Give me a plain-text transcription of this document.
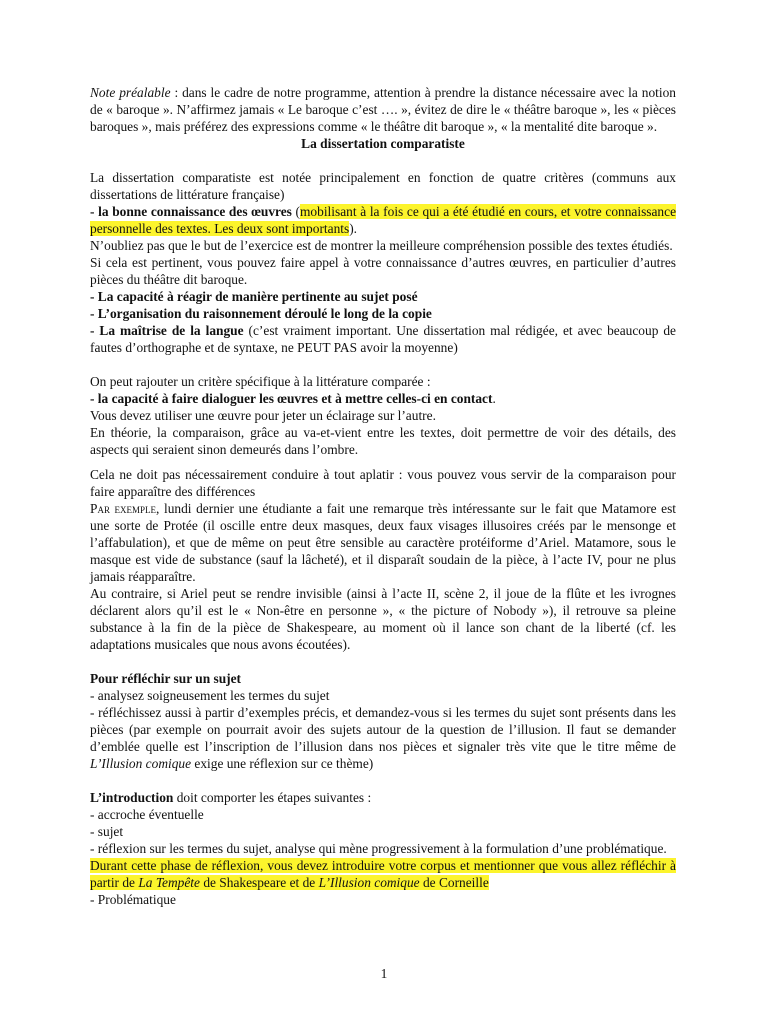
Note préalable : dans le cadre de notre programme, attention à prendre la distance nécessaire avec la notion de « baroque ». N’affirmez jamais « Le baroque c’est …. », évitez de dire le « théâtre baroque », les « pièces baroques », mais préférez des expressions comme « le théâtre dit baroque », « la mentalité dite baroque ».

La dissertation comparatiste

La dissertation comparatiste est notée principalement en fonction de quatre critères (communs aux dissertations de littérature française)

- la bonne connaissance des œuvres (mobilisant à la fois ce qui a été étudié en cours, et votre connaissance personnelle des textes. Les deux sont importants).

N’oubliez pas que le but de l’exercice est de montrer la meilleure compréhension possible des textes étudiés.

Si cela est pertinent, vous pouvez faire appel à votre connaissance d’autres œuvres, en particulier d’autres pièces du théâtre dit baroque.

- La capacité à réagir de manière pertinente au sujet posé

- L’organisation du raisonnement déroulé le long de la copie

- La maîtrise de la langue (c’est vraiment important. Une dissertation mal rédigée, et avec beaucoup de fautes d’orthographe et de syntaxe, ne PEUT PAS avoir la moyenne)

On peut rajouter un critère spécifique à la littérature comparée :

- la capacité à faire dialoguer les œuvres et à mettre celles-ci en contact.

Vous devez utiliser une œuvre pour jeter un éclairage sur l’autre.

En théorie, la comparaison, grâce au va-et-vient entre les textes, doit permettre de voir des détails, des aspects qui seraient sinon demeurés dans l’ombre.

Cela ne doit pas nécessairement conduire à tout aplatir : vous pouvez vous servir de la comparaison pour faire apparaître des différences

Par exemple, lundi dernier une étudiante a fait une remarque très intéressante sur le fait que Matamore est une sorte de Protée (il oscille entre deux masques, deux faux visages illusoires créés par le mensonge et l’affabulation), et que de même on peut être sensible au caractère protéiforme d’Ariel. Matamore, sous le masque est vide de substance (sauf la lâcheté), et il disparaît soudain de la pièce, à l’acte IV, pour ne plus jamais réapparaître.

Au contraire, si Ariel peut se rendre invisible (ainsi à l’acte II, scène 2, il joue de la flûte et les ivrognes déclarent alors qu’il est le « Non-être en personne », « the picture of Nobody »), il retrouve sa pleine substance à la fin de la pièce de Shakespeare, au moment où il lance son chant de la liberté (cf. les adaptations musicales que nous avons écoutées).

Pour réfléchir sur un sujet

- analysez soigneusement les termes du sujet

- réfléchissez aussi à partir d’exemples précis, et demandez-vous si les termes du sujet sont présents dans les pièces (par exemple on pourrait avoir des sujets autour de la question de l’illusion. Il faut se demander d’emblée quelle est l’inscription de l’illusion dans nos pièces et signaler très vite que le titre même de L’Illusion comique exige une réflexion sur ce thème)

L’introduction doit comporter les étapes suivantes :

- accroche éventuelle

- sujet

- réflexion sur les termes du sujet, analyse qui mène progressivement à la formulation d’une problématique.

Durant cette phase de réflexion, vous devez introduire votre corpus et mentionner que vous allez réfléchir à partir de La Tempête de Shakespeare et de L’Illusion comique de Corneille

- Problématique

1
